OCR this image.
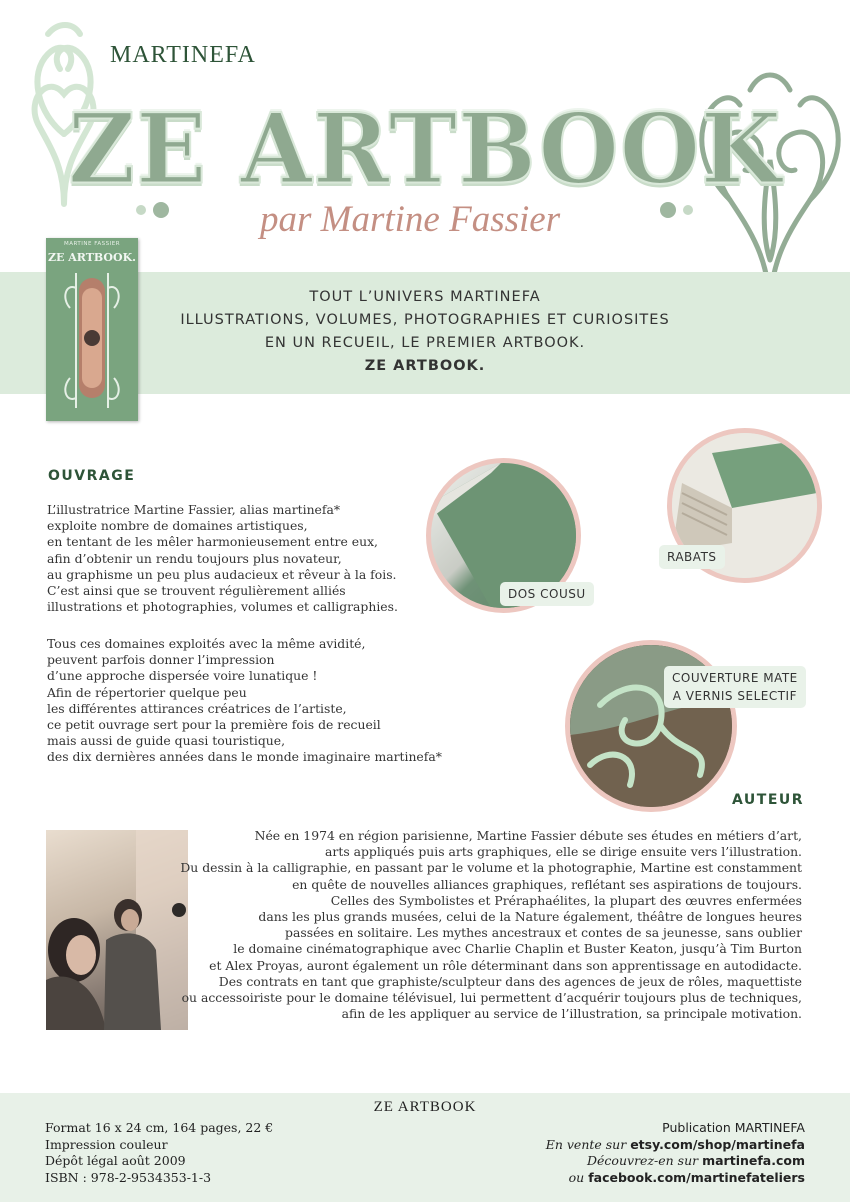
MARTINEFA
ZE ARTBOOK
par Martine Fassier
MARTINE FASSIER
ZE ARTBOOK.
TOUT L’UNIVERS MARTINEFA
ILLUSTRATIONS, VOLUMES, PHOTOGRAPHIES ET CURIOSITES
EN UN RECUEIL, LE PREMIER ARTBOOK.
ZE ARTBOOK.
OUVRAGE

L’illustratrice Martine Fassier, alias martinefa*

exploite nombre de domaines artistiques,

en tentant de les mêler harmonieusement entre eux,

afin d’obtenir un rendu toujours plus novateur,

au graphisme un peu plus audacieux et rêveur à la fois.

C’est ainsi que se trouvent régulièrement alliés

illustrations et photographies, volumes et calligraphies.

Tous ces domaines exploités avec la même avidité,

peuvent parfois donner l’impression

d’une approche dispersée voire lunatique !

Afin de répertorier quelque peu

les différentes attirances créatrices de l’artiste,

ce petit ouvrage sert pour la première fois de recueil

mais aussi de guide quasi touristique,

des dix dernières années dans le monde imaginaire martinefa*

DOS COUSU
RABATS
COUVERTURE MATE
A VERNIS SELECTIF
AUTEUR

Née en 1974 en région parisienne, Martine Fassier débute ses études en métiers d’art,

arts appliqués puis arts graphiques, elle se dirige ensuite vers l’illustration.

Du dessin à la calligraphie, en passant par le volume et la photographie, Martine est constamment

en quête de nouvelles alliances graphiques, reflétant ses aspirations de toujours.

Celles des Symbolistes et Préraphaélites, la plupart des œuvres enfermées

dans les plus grands musées, celui de la Nature également, théâtre de longues heures

passées en solitaire. Les mythes ancestraux et contes de sa jeunesse, sans oublier

le domaine cinématographique avec Charlie Chaplin et Buster Keaton, jusqu’à Tim Burton

et Alex Proyas, auront également un rôle déterminant dans son apprentissage en autodidacte.

Des contrats en tant que graphiste/sculpteur dans des agences de jeux de rôles, maquettiste

ou accessoiriste pour le domaine télévisuel, lui permettent d’acquérir toujours plus de techniques,

afin de les appliquer au service de l’illustration, sa principale motivation.

ZE ARTBOOK

Format 16 x 24 cm, 164 pages, 22 €

Impression couleur

Dépôt légal août 2009

ISBN : 978-2-9534353-1-3

Publication MARTINEFA

En vente sur etsy.com/shop/martinefa

Découvrez-en sur martinefa.com

ou facebook.com/martinefateliers
